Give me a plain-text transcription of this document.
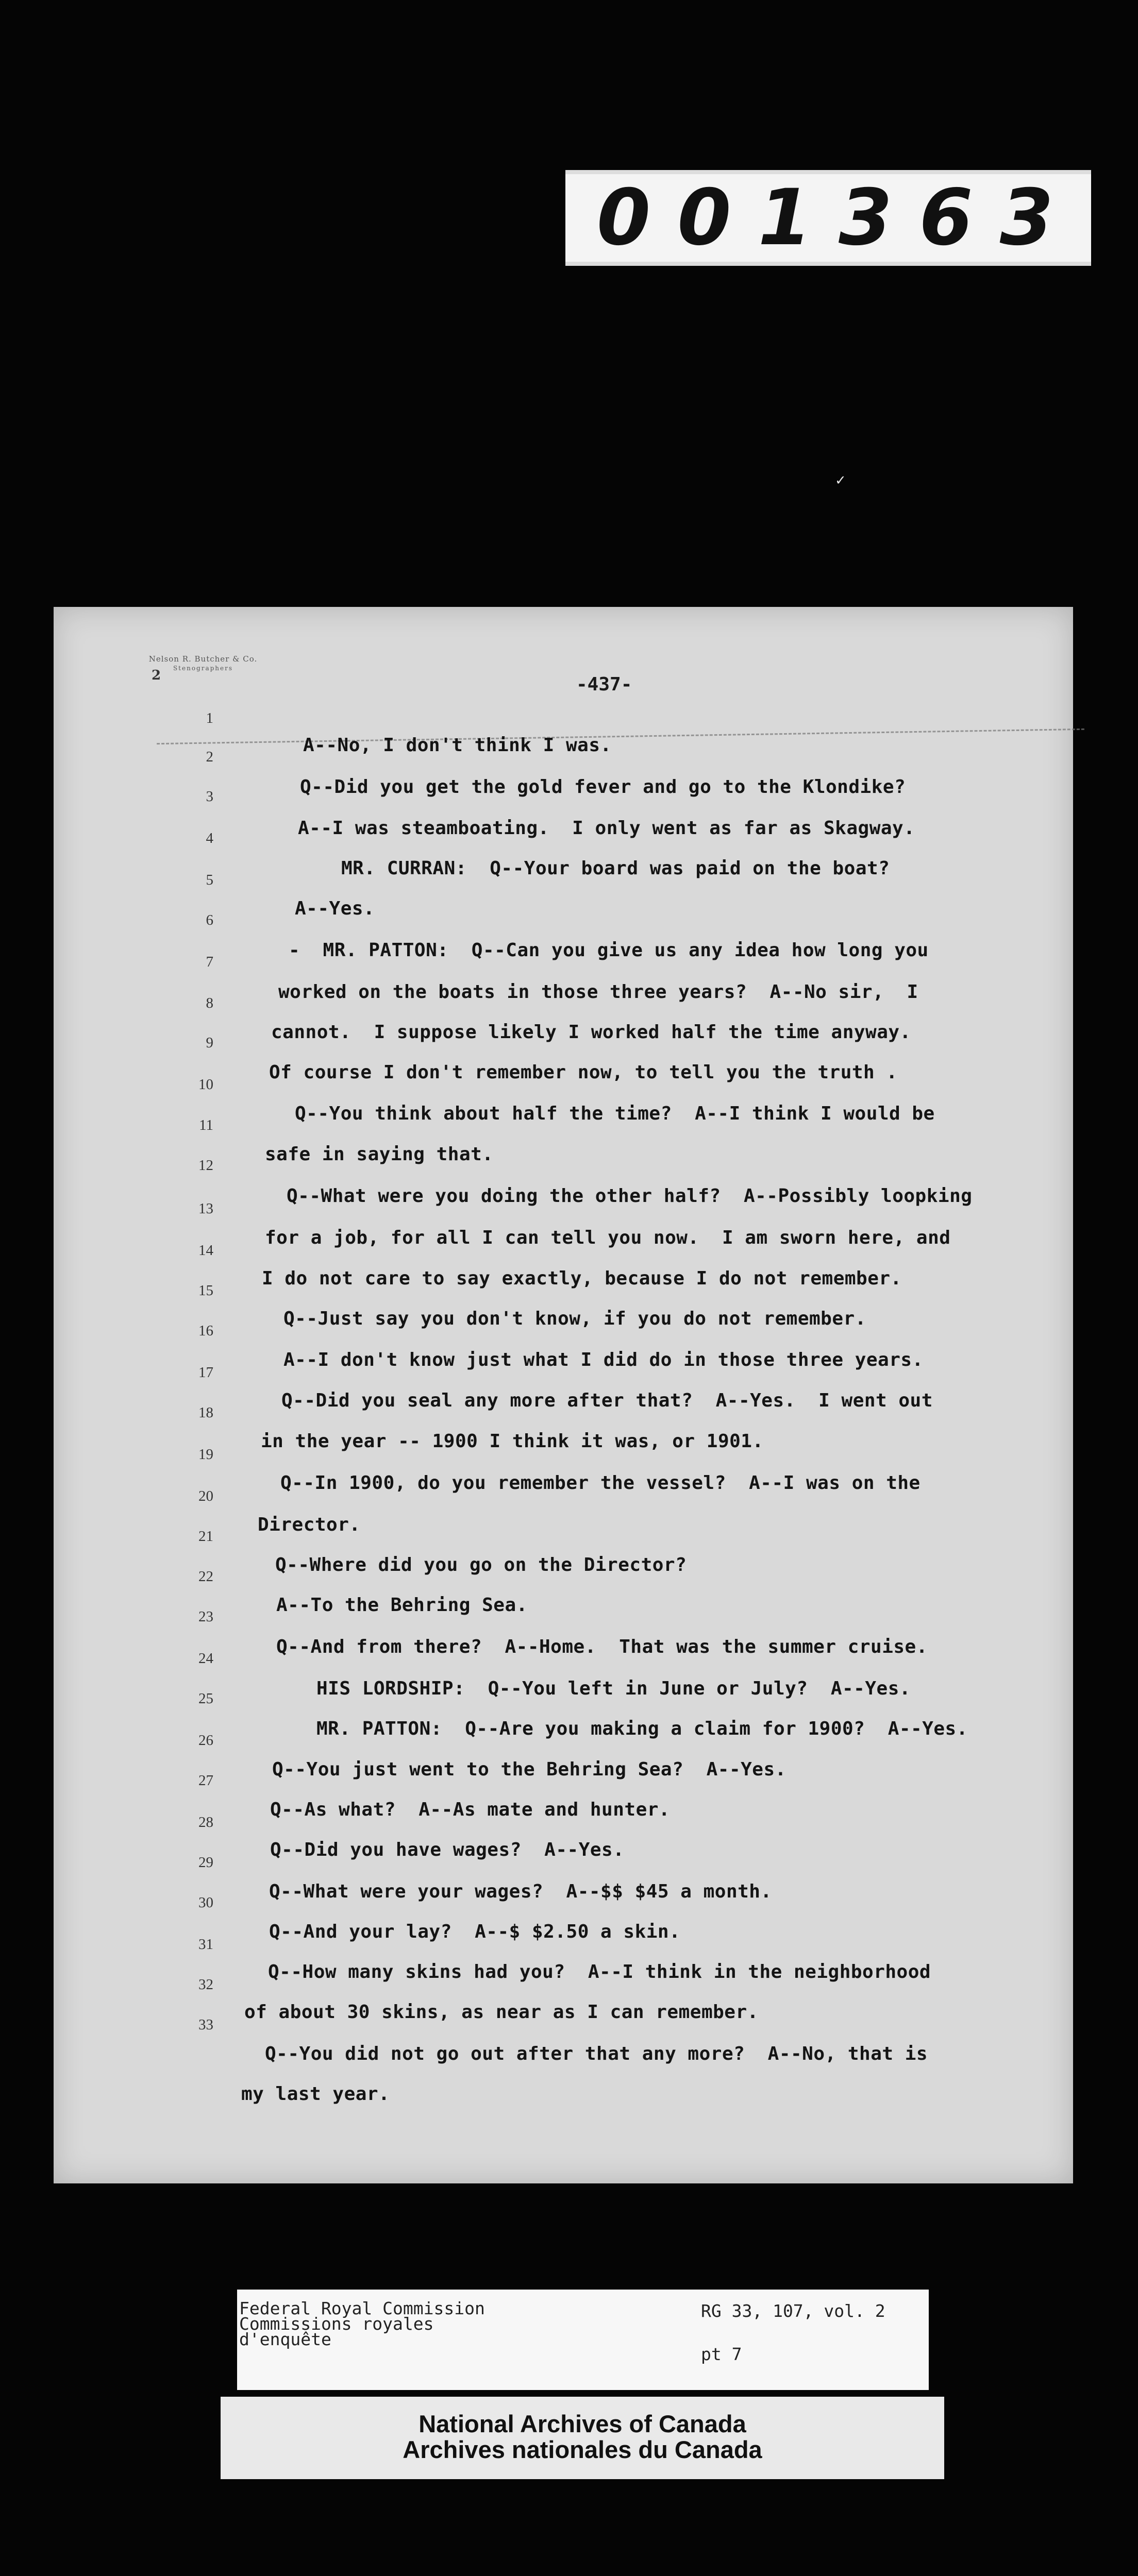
001363
✓
Nelson R. Butcher & Co.
Stenographers
2	-437-
1
2
3
4
5
6
7
8
9
10
11
12
13
14
15
16
17
18
19
20
21
22
23
24
25
26
27
28
29
30
31
32
33
A--No, I don't think I was.
Q--Did you get the gold fever and go to the Klondike?
A--I was steamboating.  I only went as far as Skagway.
MR. CURRAN:  Q--Your board was paid on the boat?
A--Yes.
-  MR. PATTON:  Q--Can you give us any idea how long you
worked on the boats in those three years?  A--No sir,  I
cannot.  I suppose likely I worked half the time anyway.
Of course I don't remember now, to tell you the truth .
Q--You think about half the time?  A--I think I would be
safe in saying that.
Q--What were you doing the other half?  A--Possibly loopking
for a job, for all I can tell you now.  I am sworn here, and
I do not care to say exactly, because I do not remember.
Q--Just say you don't know, if you do not remember.
A--I don't know just what I did do in those three years.
Q--Did you seal any more after that?  A--Yes.  I went out
in the year -- 1900 I think it was, or 1901.
Q--In 1900, do you remember the vessel?  A--I was on the
Director.
Q--Where did you go on the Director?
A--To the Behring Sea.
Q--And from there?  A--Home.  That was the summer cruise.
HIS LORDSHIP:  Q--You left in June or July?  A--Yes.
MR. PATTON:  Q--Are you making a claim for 1900?  A--Yes.
Q--You just went to the Behring Sea?  A--Yes.
Q--As what?  A--As mate and hunter.
Q--Did you have wages?  A--Yes.
Q--What were your wages?  A--$$ $45 a month.
Q--And your lay?  A--$ $2.50 a skin.
Q--How many skins had you?  A--I think in the neighborhood
of about 30 skins, as near as I can remember.
Q--You did not go out after that any more?  A--No, that is
my last year.
Federal Royal Commission
Commissions royales
d'enquête
RG 33, 107, vol. 2
pt 7
National Archives of Canada
Archives nationales du Canada
